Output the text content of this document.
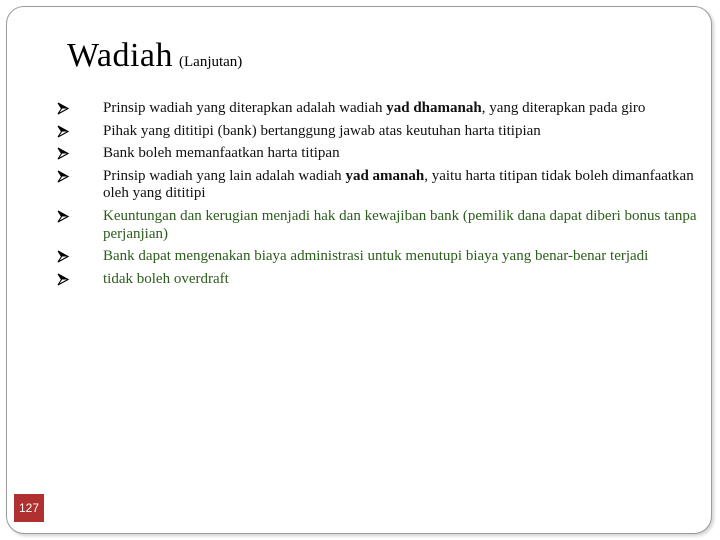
Wadiah (Lanjutan)
Prinsip wadiah yang diterapkan adalah wadiah yad dhamanah, yang diterapkan pada giro
Pihak yang dititipi (bank) bertanggung jawab atas keutuhan harta titipian
Bank boleh memanfaatkan harta titipan
Prinsip wadiah yang lain adalah wadiah yad amanah, yaitu harta titipan tidak boleh dimanfaatkan oleh yang dititipi
Keuntungan dan kerugian menjadi hak dan kewajiban bank (pemilik dana dapat diberi bonus tanpa perjanjian)
Bank dapat mengenakan biaya administrasi untuk menutupi biaya yang benar-benar terjadi
tidak boleh overdraft
127
